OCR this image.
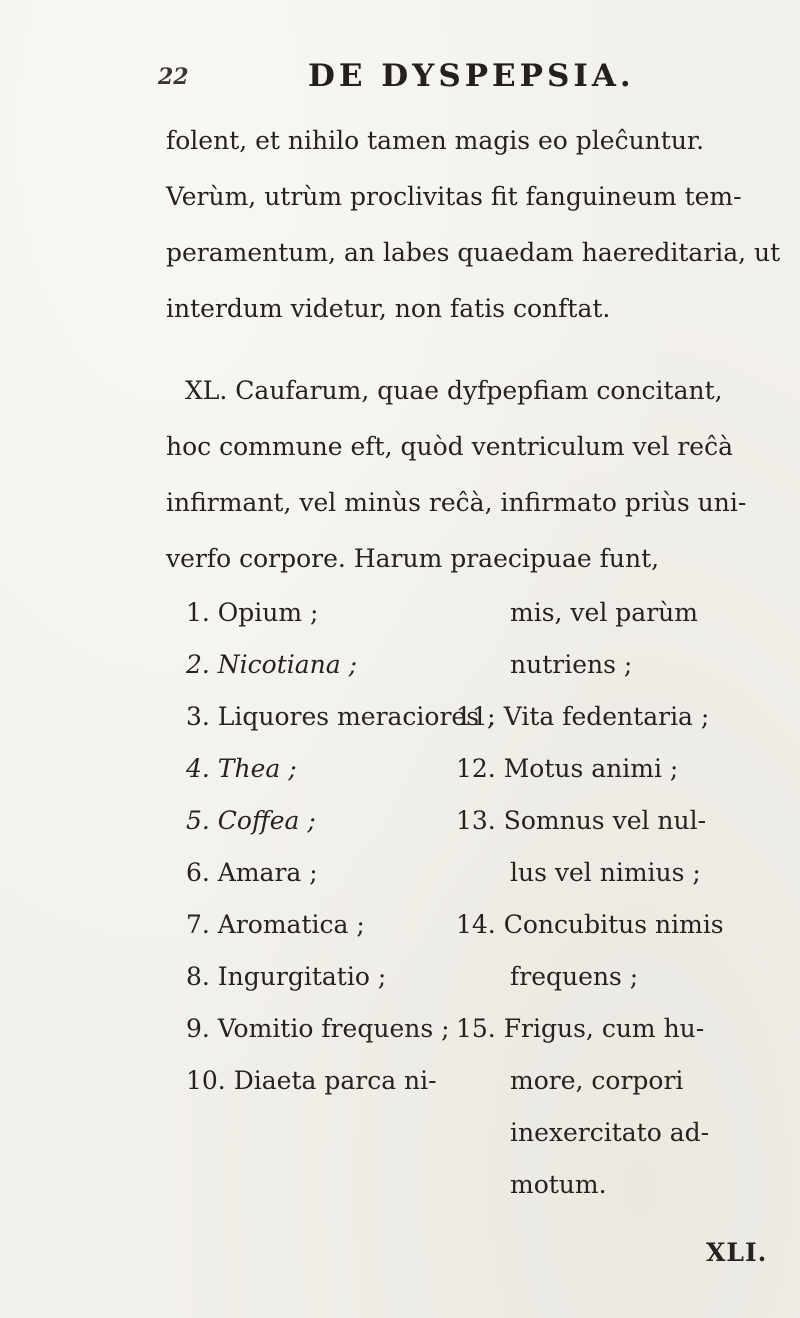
22	DE DYSPEPSIA.
folent, et nihilo tamen magis eo pleĉuntur.
Verùm, utrùm proclivitas fit fanguineum tem-
peramentum, an labes quaedam haereditaria, ut
interdum videtur, non fatis conftat.
XL. Caufarum, quae dyfpepfiam concitant,
hoc commune eft, quòd ventriculum vel reĉà
infirmant, vel minùs reĉà, infirmato priùs uni-
verfo corpore. Harum praecipuae funt,
1. Opium ;
2. Nicotiana ;
3. Liquores meraciores ;
4. Thea ;
5. Coffea ;
6. Amara ;
7. Aromatica ;
8. Ingurgitatio ;
9. Vomitio frequens ;
10. Diaeta parca ni-
mis, vel parùm
nutriens ;
11. Vita fedentaria ;
12. Motus animi ;
13. Somnus vel nul-
lus vel nimius ;
14. Concubitus nimis
frequens ;
15. Frigus, cum hu-
more, corpori
inexercitato ad-
motum.
XLI.
